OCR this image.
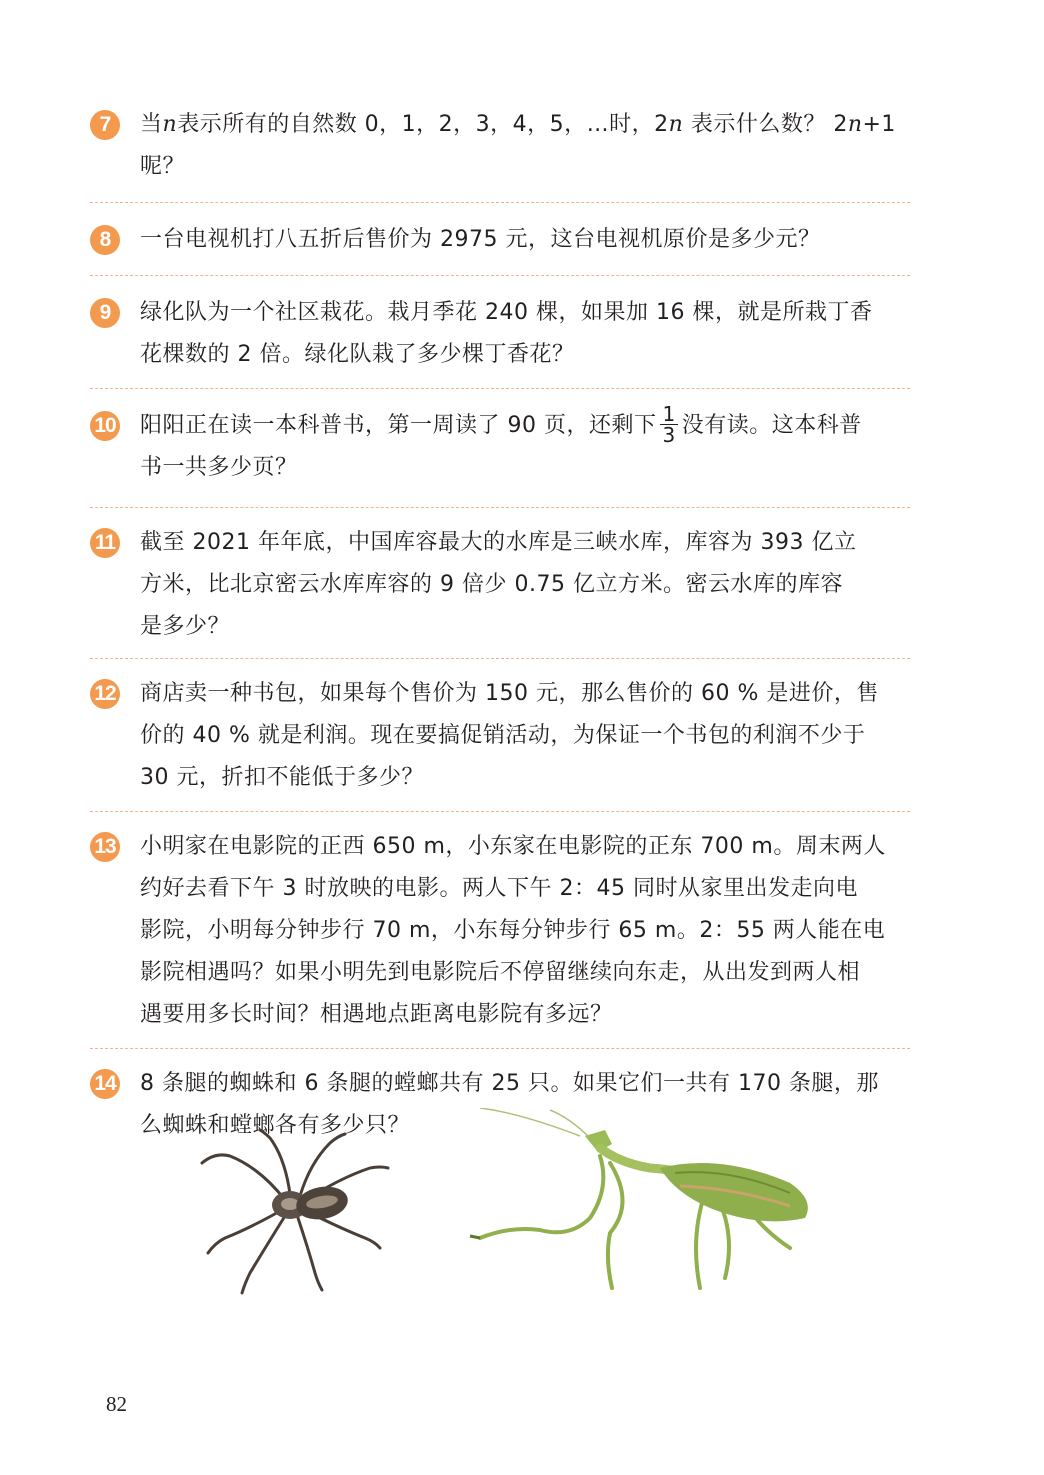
7	当n表示所有的自然数 0，1，2，3，4，5，…时，2n 表示什么数？ 2n+1 呢？

8	一台电视机打八五折后售价为 2975 元，这台电视机原价是多少元？

9	绿化队为一个社区栽花。栽月季花 240 棵，如果加 16 棵，就是所栽丁香

花棵数的 2 倍。绿化队栽了多少棵丁香花？

10 阳阳正在读一本科普书，第一周读了 90 页，还剩下 $\frac{1}{3}$ 没有读。这本科普

书一共多少页？

11 截至 2021 年年底，中国库容最大的水库是三峡水库，库容为 393 亿立

方米，比北京密云水库库容的 9 倍少 0.75 亿立方米。密云水库的库容

是多少？

12 商店卖一种书包，如果每个售价为 150 元，那么售价的 60 % 是进价，售

价的 40 % 就是利润。现在要搞促销活动，为保证一个书包的利润不少于

30 元，折扣不能低于多少？

13 小明家在电影院的正西 650 m，小东家在电影院的正东 700 m。周末两人

约好去看下午 3 时放映的电影。两人下午 2：45 同时从家里出发走向电

影院，小明每分钟步行 70 m，小东每分钟步行 65 m。2：55 两人能在电

影院相遇吗？如果小明先到电影院后不停留继续向东走，从出发到两人相

遇要用多长时间？相遇地点距离电影院有多远？

14 8 条腿的蜘蛛和 6 条腿的螳螂共有 25 只。如果它们一共有 170 条腿，那

么蜘蛛和螳螂各有多少只？

82
